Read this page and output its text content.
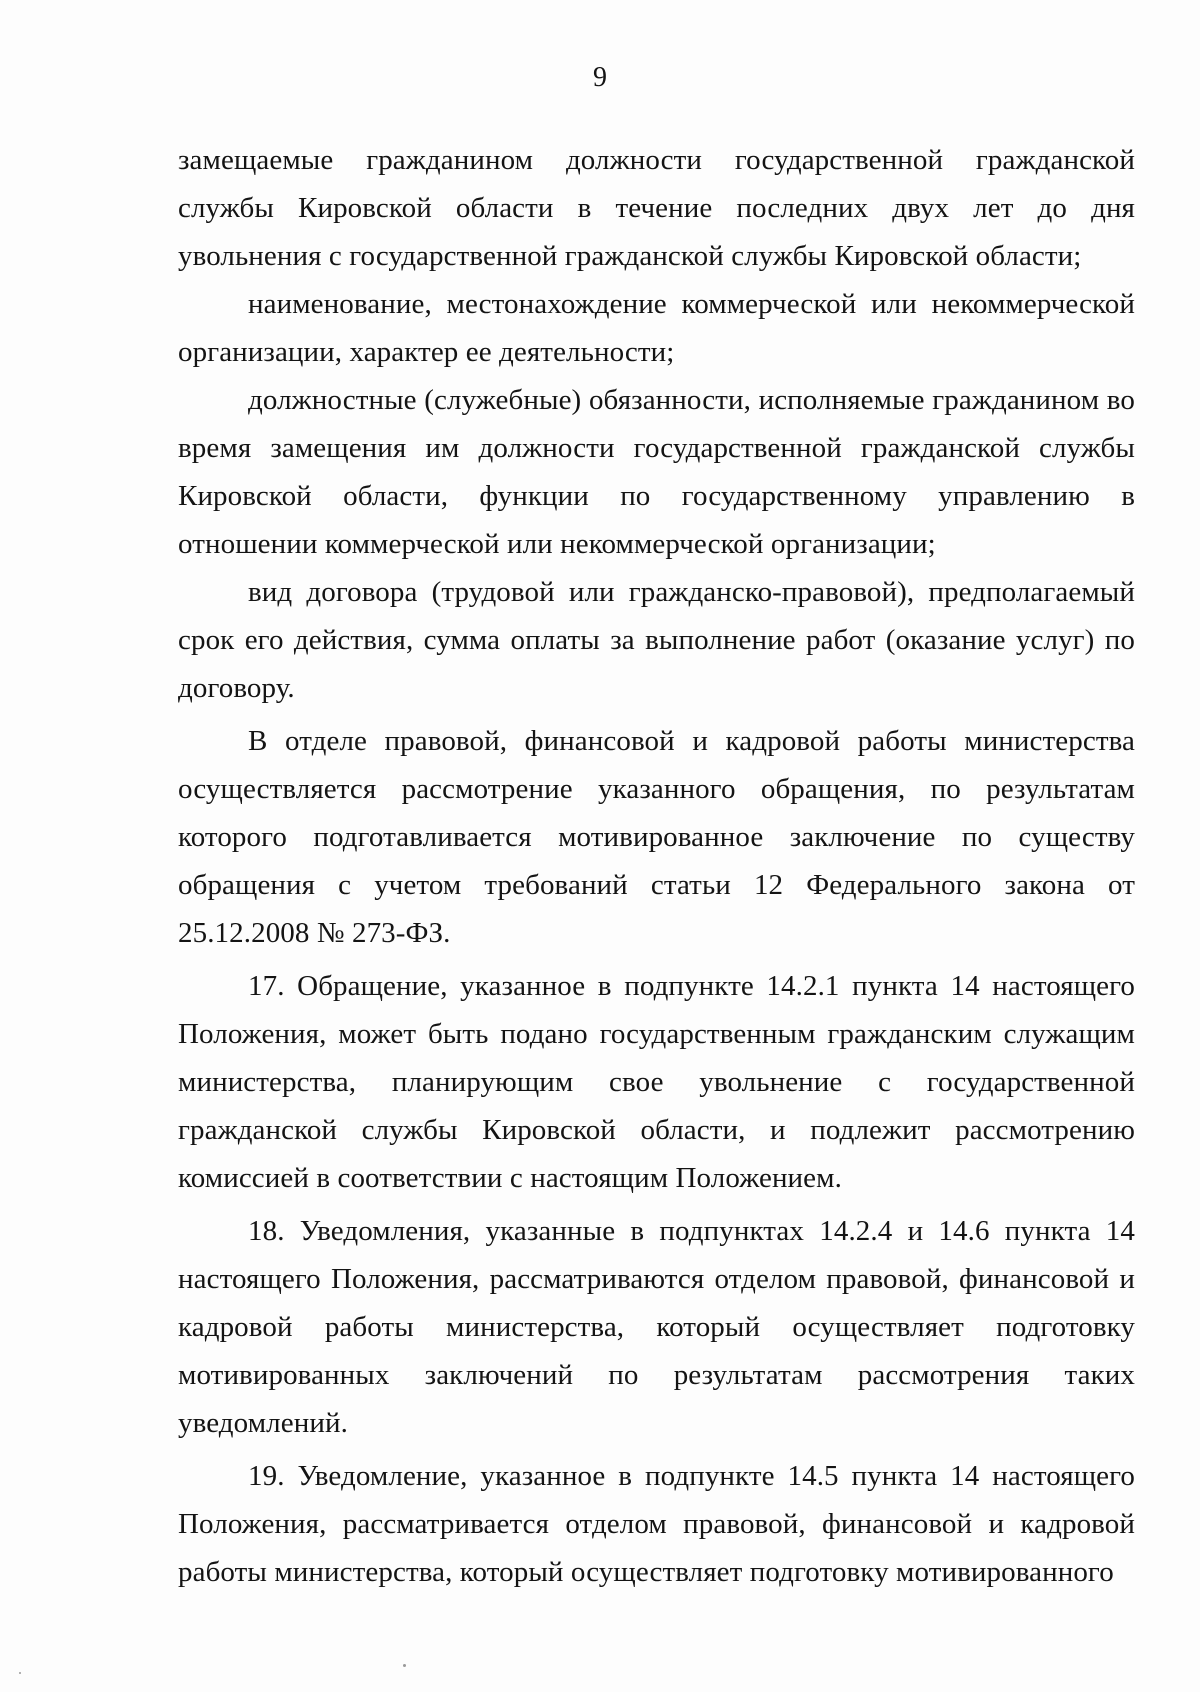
9

замещаемые гражданином должности государственной гражданской службы Кировской области в течение последних двух лет до дня увольнения с государственной гражданской службы Кировской области;

наименование, местонахождение коммерческой или некоммерческой организации, характер ее деятельности;

должностные (служебные) обязанности, исполняемые гражданином во время замещения им должности государственной гражданской службы Кировской области, функции по государственному управлению в отношении коммерческой или некоммерческой организации;

вид договора (трудовой или гражданско-правовой), предполагаемый срок его действия, сумма оплаты за выполнение работ (оказание услуг) по договору.

В отделе правовой, финансовой и кадровой работы министерства осуществляется рассмотрение указанного обращения, по результатам которого подготавливается мотивированное заключение по существу обращения с учетом требований статьи 12 Федерального закона от 25.12.2008 № 273-ФЗ.

17. Обращение, указанное в подпункте 14.2.1 пункта 14 настоящего Положения, может быть подано государственным гражданским служащим министерства, планирующим свое увольнение с государственной гражданской службы Кировской области, и подлежит рассмотрению комиссией в соответствии с настоящим Положением.

18. Уведомления, указанные в подпунктах 14.2.4 и 14.6 пункта 14 настоящего Положения, рассматриваются отделом правовой, финансовой и кадровой работы министерства, который осуществляет подготовку мотивированных заключений по результатам рассмотрения таких уведомлений.

19. Уведомление, указанное в подпункте 14.5 пункта 14 настоящего Положения, рассматривается отделом правовой, финансовой и кадровой работы министерства, который осуществляет подготовку мотивированного
